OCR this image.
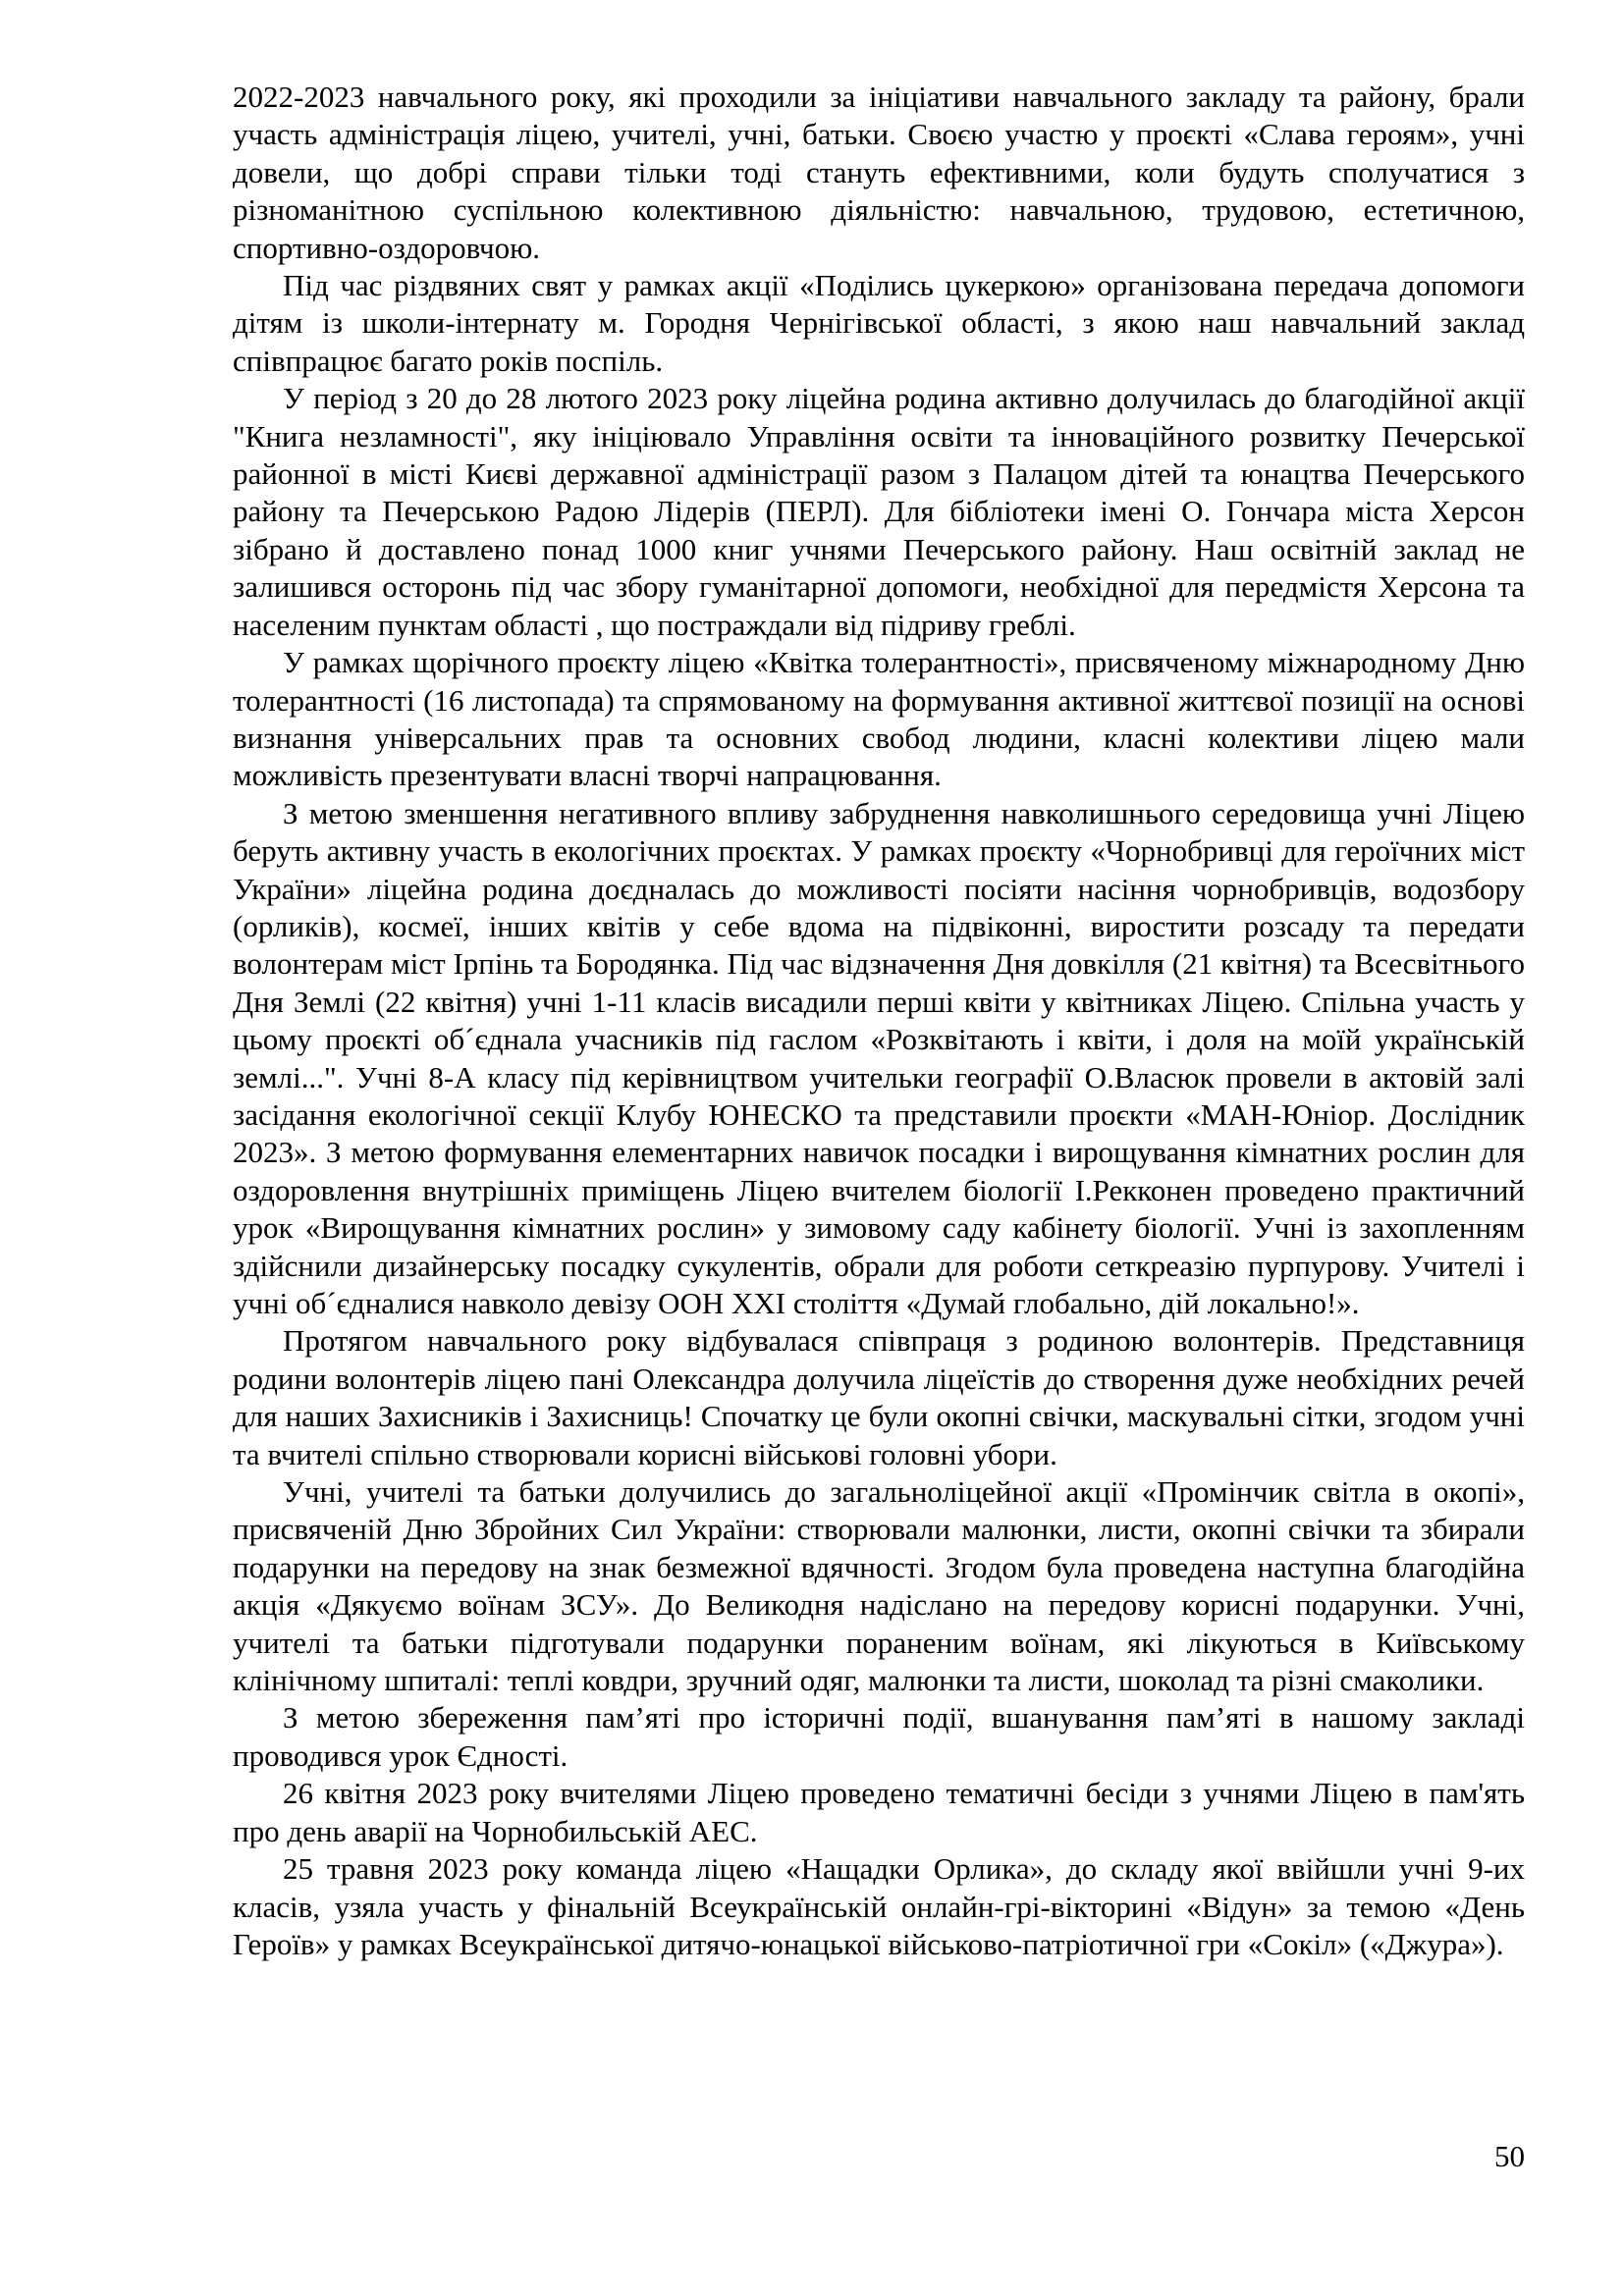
2022-2023 навчального року, які проходили за ініціативи навчального закладу та району, брали участь адміністрація ліцею, учителі, учні, батьки. Своєю участю у проєкті «Слава героям», учні довели, що добрі справи тільки тоді стануть ефективними, коли будуть сполучатися з різноманітною суспільною колективною діяльністю: навчальною, трудовою, естетичною, спортивно-оздоровчою.

Під час різдвяних свят у рамках акції «Поділись цукеркою» організована передача допомоги дітям із школи-інтернату м. Городня Чернігівської області, з якою наш навчальний заклад співпрацює багато років поспіль.

У період з 20 до 28 лютого 2023 року ліцейна родина активно долучилась до благодійної акції "Книга незламності", яку ініціювало Управління освіти та інноваційного розвитку Печерської районної в місті Києві державної адміністрації разом з Палацом дітей та юнацтва Печерського району та Печерською Радою Лідерів (ПЕРЛ). Для бібліотеки імені О. Гончара міста Херсон зібрано й доставлено понад 1000 книг учнями Печерського району. Наш освітній заклад не залишився осторонь під час збору гуманітарної допомоги, необхідної для передмістя Херсона та населеним пунктам області , що постраждали від підриву греблі.

У рамках щорічного проєкту ліцею «Квітка толерантності», присвяченому міжнародному Дню толерантності (16 листопада) та спрямованому на формування активної життєвої позиції на основі визнання універсальних прав та основних свобод людини, класні колективи ліцею мали можливість презентувати власні творчі напрацювання.

З метою зменшення негативного впливу забруднення навколишнього середовища учні Ліцею беруть активну участь в екологічних проєктах. У рамках проєкту «Чорнобривці для героїчних міст України» ліцейна родина доєдналась до можливості посіяти насіння чорнобривців, водозбору (орликів), космеї, інших квітів у себе вдома на підвіконні, виростити розсаду та передати волонтерам міст Ірпінь та Бородянка. Під час відзначення Дня довкілля (21 квітня) та Всесвітнього Дня Землі (22 квітня) учні 1-11 класів висадили перші квіти у квітниках Ліцею. Спільна участь у цьому проєкті об´єднала учасників під гаслом «Розквітають і квіти, і доля на моїй українській землі...". Учні 8-А класу під керівництвом учительки географії О.Власюк провели в актовій залі засідання екологічної секції Клубу ЮНЕСКО та представили проєкти «МАН-Юніор. Дослідник 2023». З метою формування елементарних навичок посадки і вирощування кімнатних рослин для оздоровлення внутрішніх приміщень Ліцею вчителем біології І.Рекконен проведено практичний урок «Вирощування кімнатних рослин» у зимовому саду кабінету біології. Учні із захопленням здійснили дизайнерську посадку сукулентів, обрали для роботи сеткреазію пурпурову. Учителі і учні об´єдналися навколо девізу ООН XXI століття «Думай глобально, дій локально!».

Протягом навчального року відбувалася співпраця з родиною волонтерів. Представниця родини волонтерів ліцею пані Олександра долучила ліцеїстів до створення дуже необхідних речей для наших Захисників і Захисниць! Спочатку це були окопні свічки, маскувальні сітки, згодом учні та вчителі спільно створювали корисні військові головні убори.

Учні, учителі та батьки долучились до загальноліцейної акції «Промінчик світла в окопі», присвяченій Дню Збройних Сил України: створювали малюнки, листи, окопні свічки та збирали подарунки на передову на знак безмежної вдячності. Згодом була проведена наступна благодійна акція «Дякуємо воїнам ЗСУ». До Великодня надіслано на передову корисні подарунки. Учні, учителі та батьки підготували подарунки пораненим воїнам, які лікуються в Київському клінічному шпиталі: теплі ковдри, зручний одяг, малюнки та листи, шоколад та різні смаколики.

З метою збереження пам’яті про історичні події, вшанування пам’яті в нашому закладі проводився урок Єдності.

26 квітня 2023 року вчителями Ліцею проведено тематичні бесіди з учнями Ліцею в пам'ять про день аварії на Чорнобильській АЕС.

25 травня 2023 року команда ліцею «Нащадки Орлика», до складу якої ввійшли учні 9-их класів, узяла участь у фінальній Всеукраїнській онлайн-грі-вікторині «Відун» за темою «День Героїв» у рамках Всеукраїнської дитячо-юнацької військово-патріотичної гри «Сокіл» («Джура»).

50
